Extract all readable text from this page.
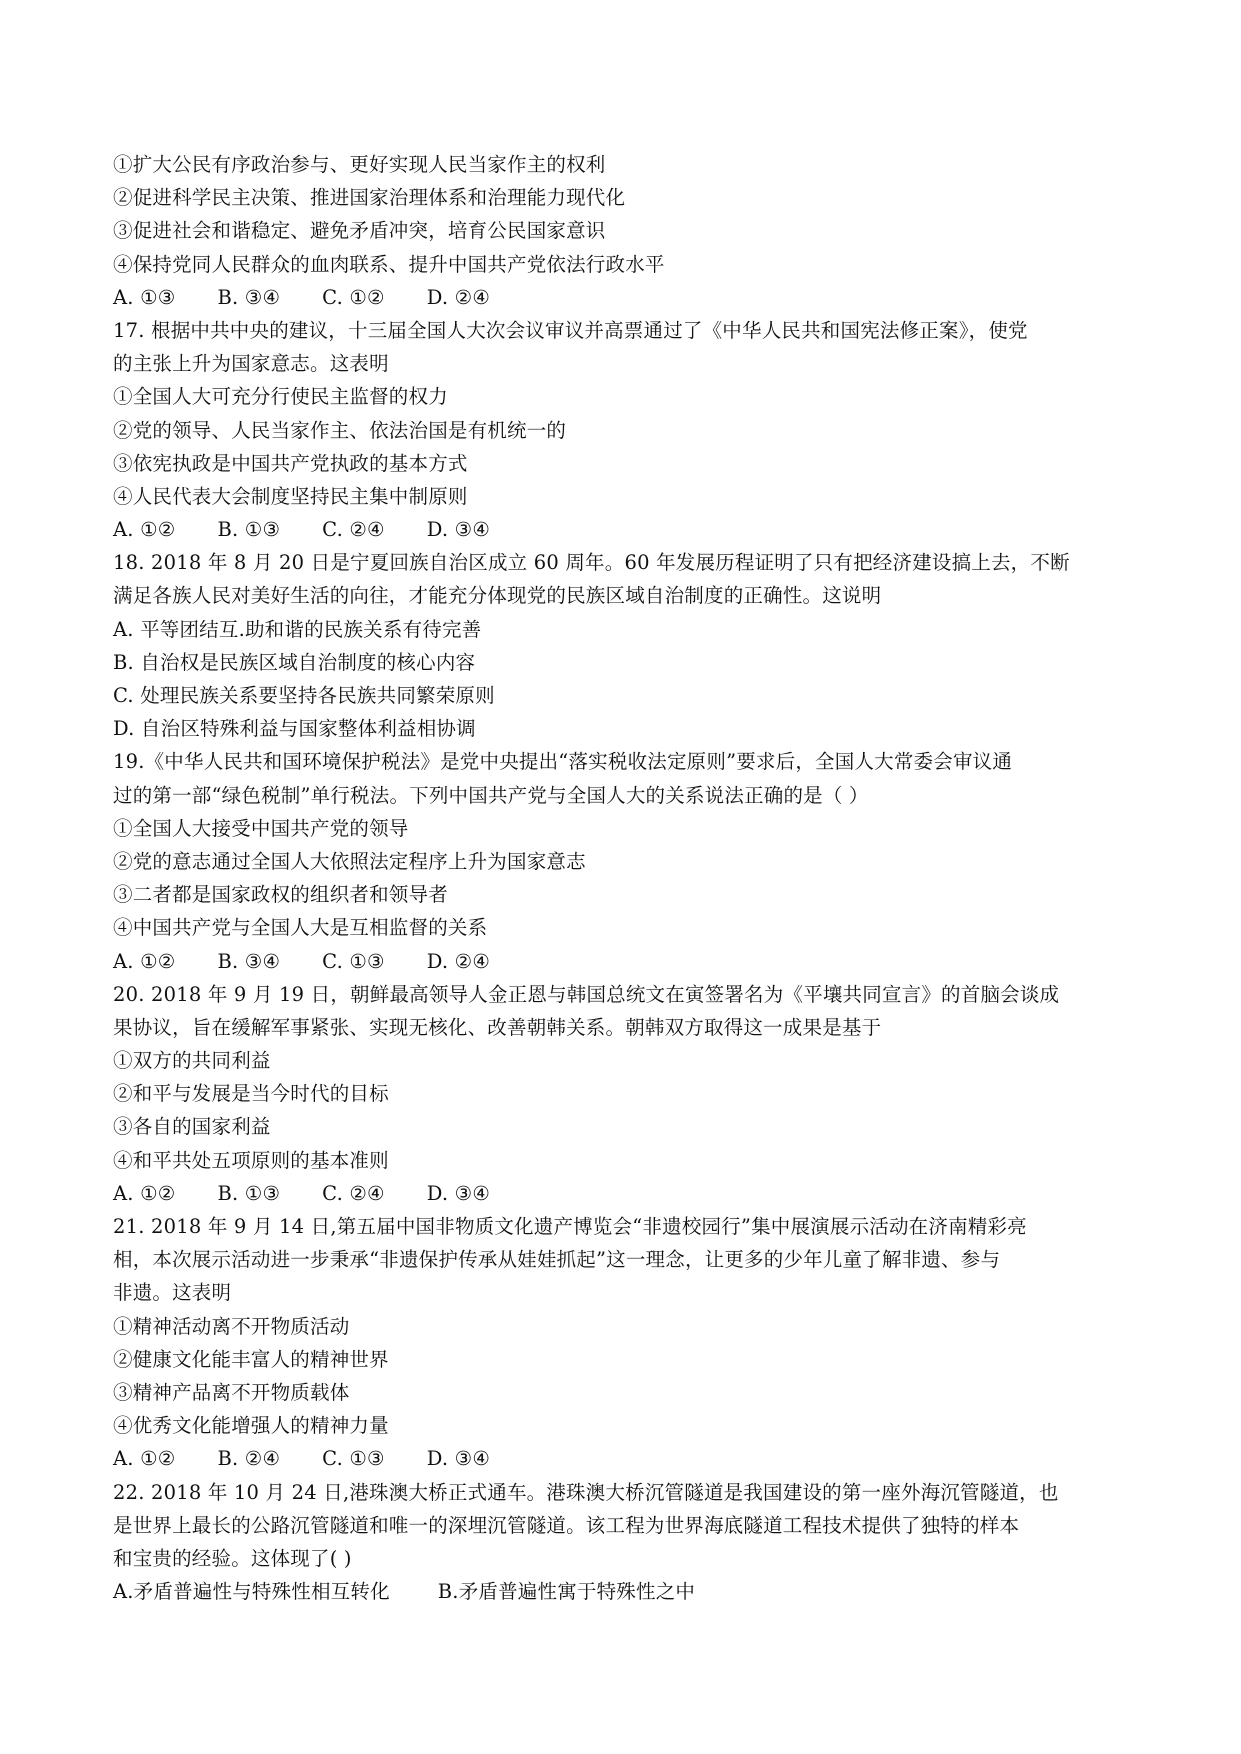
①扩大公民有序政治参与、更好实现人民当家作主的权利
②促进科学民主决策、推进国家治理体系和治理能力现代化
③促进社会和谐稳定、避免矛盾冲突，培育公民国家意识
④保持党同人民群众的血肉联系、提升中国共产党依法行政水平
A. ①③ B. ③④ C. ①② D. ②④
17. 根据中共中央的建议，十三届全国人大次会议审议并高票通过了《中华人民共和国宪法修正案》，使党
的主张上升为国家意志。这表明
①全国人大可充分行使民主监督的权力
②党的领导、人民当家作主、依法治国是有机统一的
③依宪执政是中国共产党执政的基本方式
④人民代表大会制度坚持民主集中制原则
A. ①② B. ①③ C. ②④ D. ③④
18. 2018 年 8 月 20 日是宁夏回族自治区成立 60 周年。60 年发展历程证明了只有把经济建设搞上去，不断
满足各族人民对美好生活的向往，才能充分体现党的民族区域自治制度的正确性。这说明
A. 平等团结互.助和谐的民族关系有待完善
B. 自治权是民族区域自治制度的核心内容
C. 处理民族关系要坚持各民族共同繁荣原则
D. 自治区特殊利益与国家整体利益相协调
19.《中华人民共和国环境保护税法》是党中央提出“落实税收法定原则”要求后，全国人大常委会审议通
过的第一部“绿色税制”单行税法。下列中国共产党与全国人大的关系说法正确的是（ ）
①全国人大接受中国共产党的领导
②党的意志通过全国人大依照法定程序上升为国家意志
③二者都是国家政权的组织者和领导者
④中国共产党与全国人大是互相监督的关系
A. ①② B. ③④ C. ①③ D. ②④
20. 2018 年 9 月 19 日，朝鲜最高领导人金正恩与韩国总统文在寅签署名为《平壤共同宣言》的首脑会谈成
果协议，旨在缓解军事紧张、实现无核化、改善朝韩关系。朝韩双方取得这一成果是基于
①双方的共同利益
②和平与发展是当今时代的目标
③各自的国家利益
④和平共处五项原则的基本准则
A. ①② B. ①③ C. ②④ D. ③④
21. 2018 年 9 月 14 日,第五届中国非物质文化遗产博览会“非遗校园行”集中展演展示活动在济南精彩亮
相，本次展示活动进一步秉承“非遗保护传承从娃娃抓起”这一理念，让更多的少年儿童了解非遗、参与
非遗。这表明
①精神活动离不开物质活动
②健康文化能丰富人的精神世界
③精神产品离不开物质载体
④优秀文化能增强人的精神力量
A. ①② B. ②④ C. ①③ D. ③④
22. 2018 年 10 月 24 日,港珠澳大桥正式通车。港珠澳大桥沉管隧道是我国建设的第一座外海沉管隧道，也
是世界上最长的公路沉管隧道和唯一的深埋沉管隧道。该工程为世界海底隧道工程技术提供了独特的样本
和宝贵的经验。这体现了( )
A.矛盾普遍性与特殊性相互转化 B.矛盾普遍性寓于特殊性之中
